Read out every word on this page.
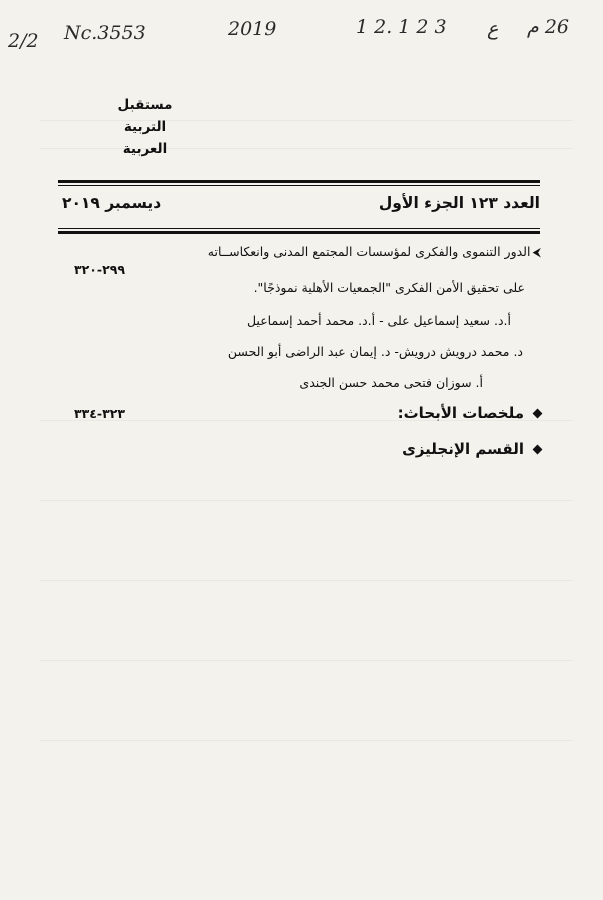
2/2 Nc.3553	2019	1 2. 1 2 3 ع 26 م
مستقبل
التربية
العربية
العدد ١٢٣ الجزء الأول
ديسمبر ٢٠١٩
⮜الدور التنموى والفكرى لمؤسسات المجتمع المدنى وانعكاســاته
٢٩٩-٣٢٠
على تحقيق الأمن الفكرى "الجمعيات الأهلية نموذجًا".
أ.د. سعيد إسماعيل على - أ.د. محمد أحمد إسماعيل
د. محمد درويش درويش- د. إيمان عبد الراضى أبو الحسن
أ. سوزان فتحى محمد حسن الجندى
ملخصات الأبحاث:
٣٢٣-٣٣٤
القسم الإنجليزى
